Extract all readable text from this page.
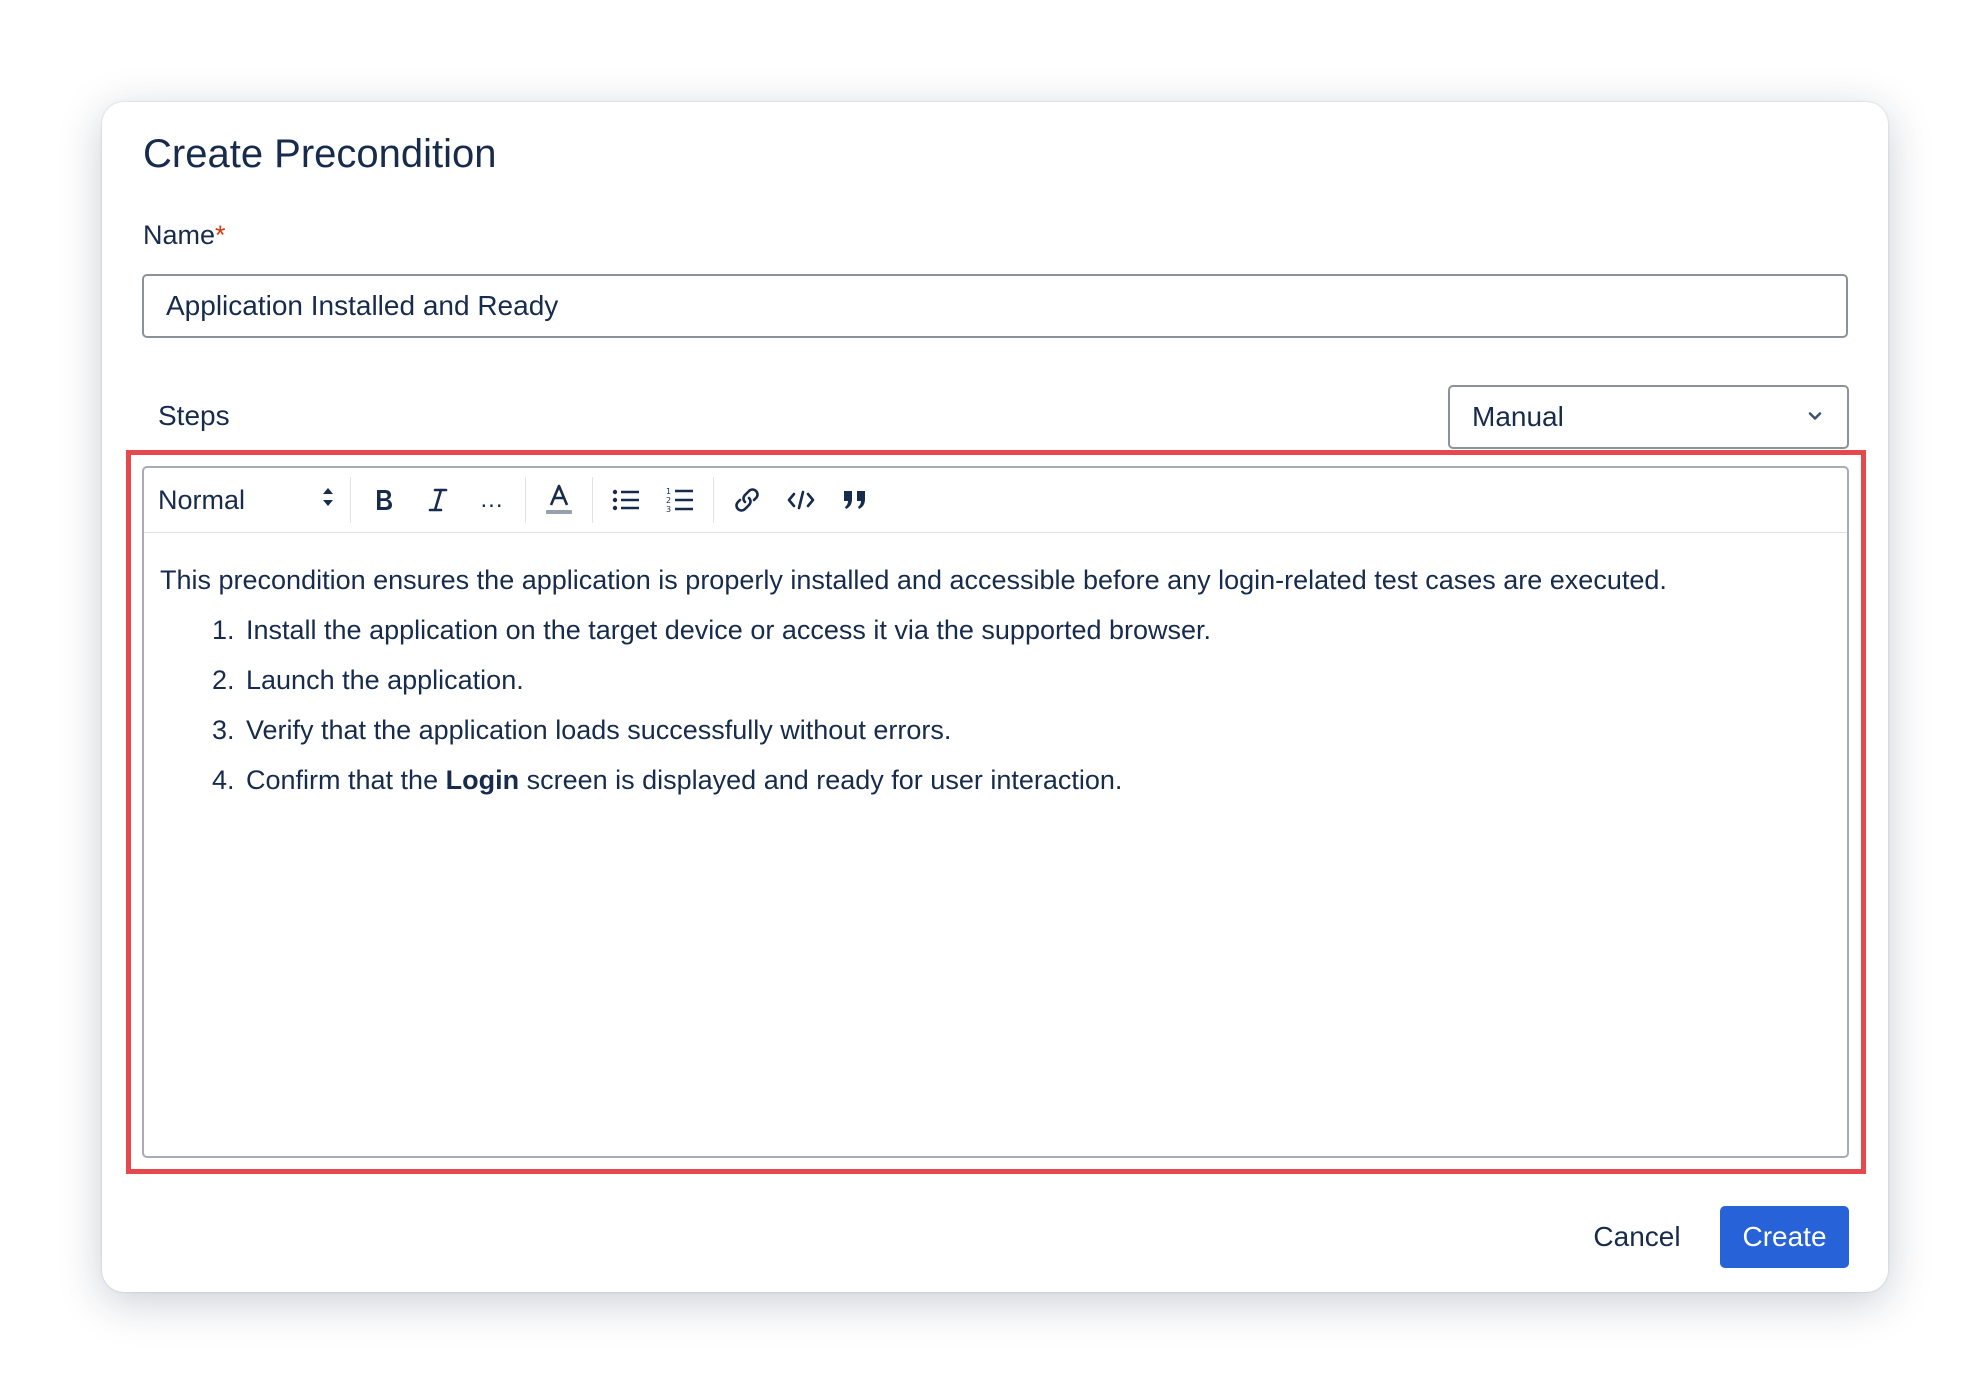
Create Precondition
Name*
Application Installed and Ready
Steps	Manual
Normal	...	1
2
3

This precondition ensures the application is properly installed and accessible before any login-related test cases are executed.

1. Install the application on the target device or access it via the supported browser.
2. Launch the application.
3. Verify that the application loads successfully without errors.
4. Confirm that the Login screen is displayed and ready for user interaction.
Cancel	Create
